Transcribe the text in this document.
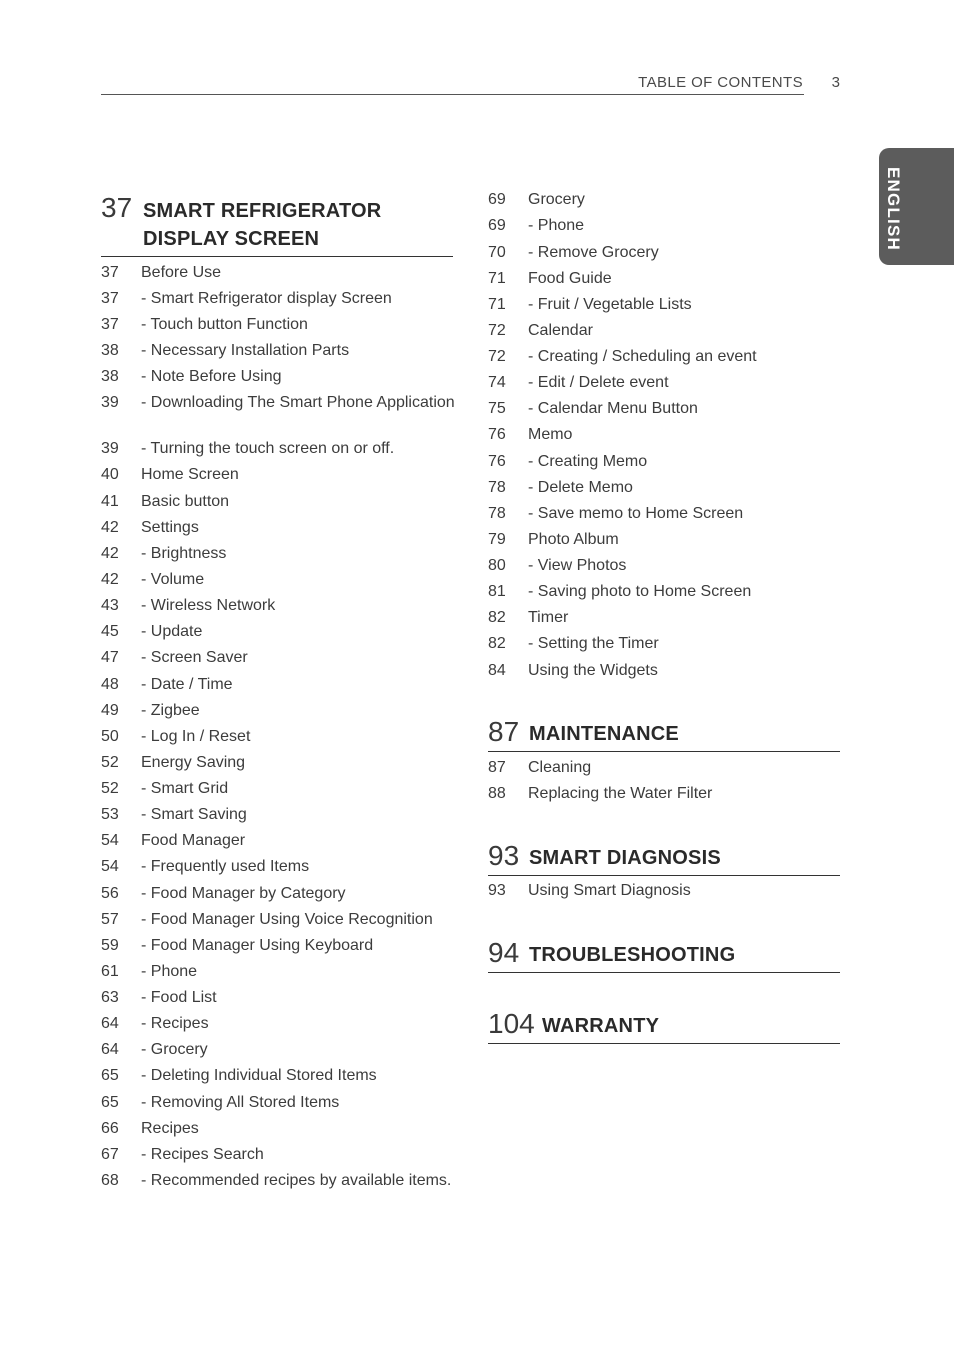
TABLE OF CONTENTS	3
ENGLISH
37 SMART REFRIGERATOR
DISPLAY SCREEN
37	Before Use
37	- Smart Refrigerator display Screen
37	- Touch button Function
38	- Necessary Installation Parts
38	- Note Before Using
39	- Downloading The Smart Phone Application
39	- Turning the touch screen on or off.
40	Home Screen
41	Basic button
42	Settings
42	- Brightness
42	- Volume
43	- Wireless Network
45	- Update
47	- Screen Saver
48	- Date / Time
49	- Zigbee
50	- Log In / Reset
52	Energy Saving
52	- Smart Grid
53	- Smart Saving
54	Food Manager
54	- Frequently used Items
56	- Food Manager by Category
57	- Food Manager Using Voice Recognition
59	- Food Manager Using Keyboard
61	- Phone
63	- Food List
64	- Recipes
64	- Grocery
65	- Deleting Individual Stored Items
65	- Removing All Stored Items
66	Recipes
67	- Recipes Search
68	- Recommended recipes by available items.
69	Grocery
69	- Phone
70	- Remove Grocery
71	Food Guide
71	- Fruit / Vegetable Lists
72	Calendar
72	- Creating / Scheduling an event
74	- Edit / Delete event
75	- Calendar Menu Button
76	Memo
76	- Creating Memo
78	- Delete Memo
78	- Save memo to Home Screen
79	Photo Album
80	- View Photos
81	- Saving photo to Home Screen
82	Timer
82	- Setting the Timer
84	Using the Widgets
87 MAINTENANCE
87	Cleaning
88	Replacing the Water Filter
93 SMART DIAGNOSIS
93	Using Smart Diagnosis
94 TROUBLESHOOTING
104 WARRANTY
